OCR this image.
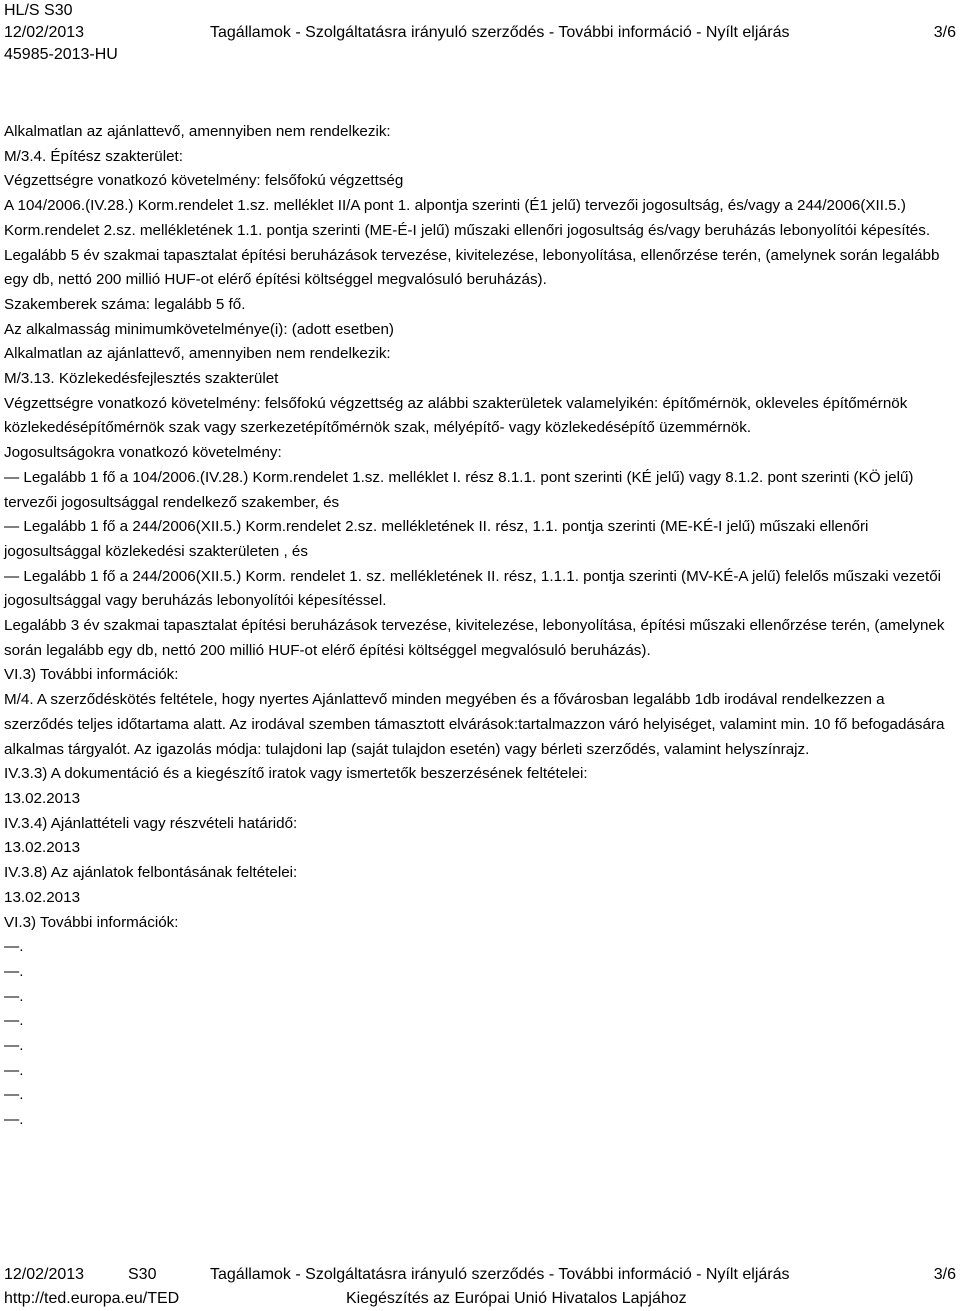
HL/S S30
12/02/2013	Tagállamok - Szolgáltatásra irányuló szerződés - További információ - Nyílt eljárás	3/6
45985-2013-HU

Alkalmatlan az ajánlattevő, amennyiben nem rendelkezik:

M/3.4. Építész szakterület:

Végzettségre vonatkozó követelmény: felsőfokú végzettség

A 104/2006.(IV.28.) Korm.rendelet 1.sz. melléklet II/A pont 1. alpontja szerinti (É1 jelű) tervezői jogosultság, és/vagy a 244/2006(XII.5.) Korm.rendelet 2.sz. mellékletének 1.1. pontja szerinti (ME-É-I jelű) műszaki ellenőri jogosultság és/vagy beruházás lebonyolítói képesítés.

Legalább 5 év szakmai tapasztalat építési beruházások tervezése, kivitelezése, lebonyolítása, ellenőrzése terén, (amelynek során legalább egy db, nettó 200 millió HUF-ot elérő építési költséggel megvalósuló beruházás).

Szakemberek száma: legalább 5 fő.

Az alkalmasság minimumkövetelménye(i): (adott esetben)

Alkalmatlan az ajánlattevő, amennyiben nem rendelkezik:

M/3.13. Közlekedésfejlesztés szakterület

Végzettségre vonatkozó követelmény: felsőfokú végzettség az alábbi szakterületek valamelyikén: építőmérnök, okleveles építőmérnök közlekedésépítőmérnök szak vagy szerkezetépítőmérnök szak, mélyépítő- vagy közlekedésépítő üzemmérnök.

Jogosultságokra vonatkozó követelmény:

— Legalább 1 fő a 104/2006.(IV.28.) Korm.rendelet 1.sz. melléklet I. rész 8.1.1. pont szerinti (KÉ jelű) vagy 8.1.2. pont szerinti (KÖ jelű) tervezői jogosultsággal rendelkező szakember, és

— Legalább 1 fő a 244/2006(XII.5.) Korm.rendelet 2.sz. mellékletének II. rész, 1.1. pontja szerinti (ME-KÉ-I jelű) műszaki ellenőri jogosultsággal közlekedési szakterületen , és

— Legalább 1 fő a 244/2006(XII.5.) Korm. rendelet 1. sz. mellékletének II. rész, 1.1.1. pontja szerinti (MV-KÉ-A jelű) felelős műszaki vezetői jogosultsággal vagy beruházás lebonyolítói képesítéssel.

Legalább 3 év szakmai tapasztalat építési beruházások tervezése, kivitelezése, lebonyolítása, építési műszaki ellenőrzése terén, (amelynek során legalább egy db, nettó 200 millió HUF-ot elérő építési költséggel megvalósuló beruházás).

VI.3) További információk:

M/4. A szerződéskötés feltétele, hogy nyertes Ajánlattevő minden megyében és a fővárosban legalább 1db irodával rendelkezzen a szerződés teljes időtartama alatt. Az irodával szemben támasztott elvárások:tartalmazzon váró helyiséget, valamint min. 10 fő befogadására alkalmas tárgyalót. Az igazolás módja: tulajdoni lap (saját tulajdon esetén) vagy bérleti szerződés, valamint helyszínrajz.

IV.3.3) A dokumentáció és a kiegészítő iratok vagy ismertetők beszerzésének feltételei:

13.02.2013

IV.3.4) Ajánlattételi vagy részvételi határidő:

13.02.2013

IV.3.8) Az ajánlatok felbontásának feltételei:

13.02.2013

VI.3) További információk:

—.

—.

—.

—.

—.

—.

—.

—.

12/02/2013	S30	Tagállamok - Szolgáltatásra irányuló szerződés - További információ - Nyílt eljárás	3/6
http://ted.europa.eu/TED	Kiegészítés az Európai Unió Hivatalos Lapjához
